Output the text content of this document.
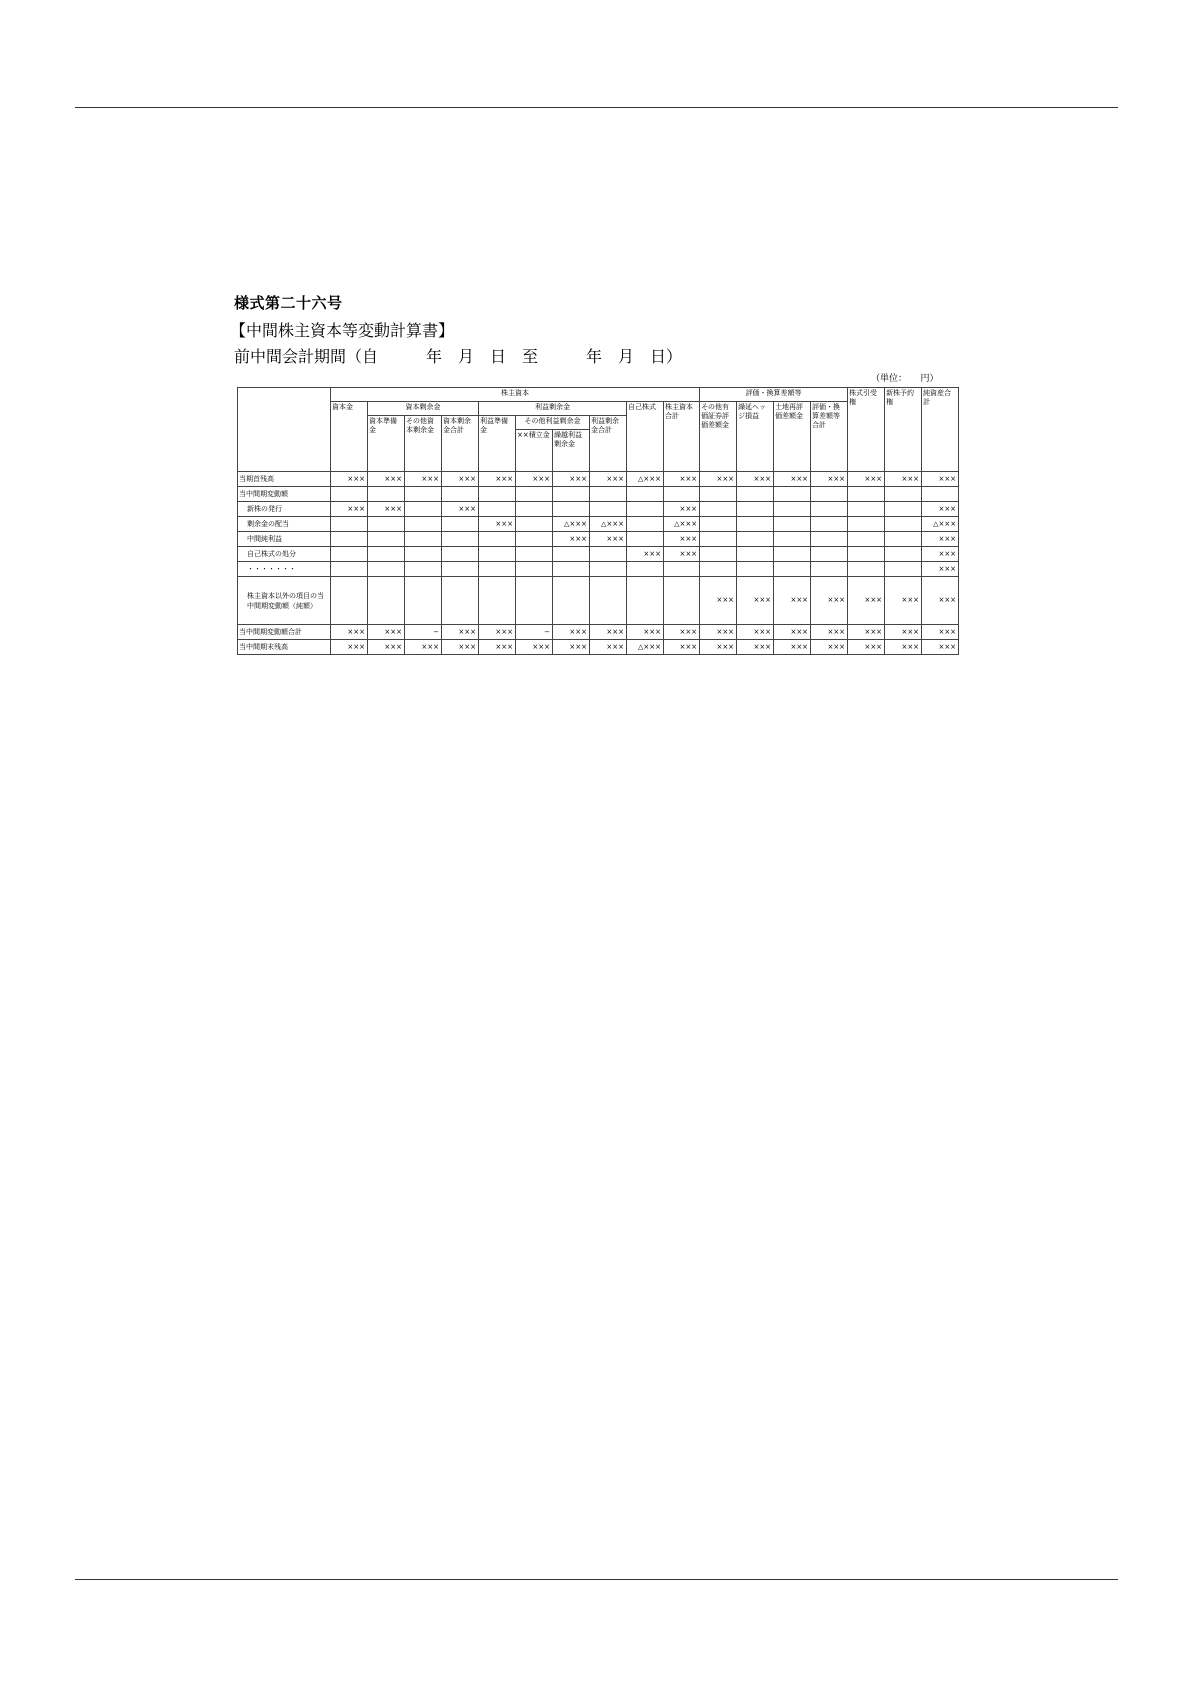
様式第二十六号
【中間株主資本等変動計算書】
前中間会計期間（自　　　年　月　日　至　　　年　月　日）
（単位：　　円）
	株主資本										評価・換算差額等				株式引受権	新株予約権	純資産合計
	資本金	資本剰余金			利益剰余金				自己株式	株主資本合計	その他有価証券評価差額金	繰延ヘッジ損益	土地再評価差額金	評価・換算差額等合計			
		資本準備金	その他資本剰余金	資本剰余金合計	利益準備金	その他利益剰余金		利益剰余金合計									
						××積立金	繰越利益剰余金										
当期首残高	×××	×××	×××	×××	×××	×××	×××	×××	△×××	×××	×××	×××	×××	×××	×××	×××	×××
当中間期変動額																	
新株の発行	×××	×××		×××						×××							×××
剰余金の配当					×××		△×××	△×××		△×××							△×××
中間純利益							×××	×××		×××							×××
自己株式の処分									×××	×××							×××
・・・・・・・																	×××
株主資本以外の項目の当中間期変動額（純額）											×××	×××	×××	×××	×××	×××	×××
当中間期変動額合計	×××	×××	−	×××	×××	−	×××	×××	×××	×××	×××	×××	×××	×××	×××	×××	×××
当中間期末残高	×××	×××	×××	×××	×××	×××	×××	×××	△×××	×××	×××	×××	×××	×××	×××	×××	×××
